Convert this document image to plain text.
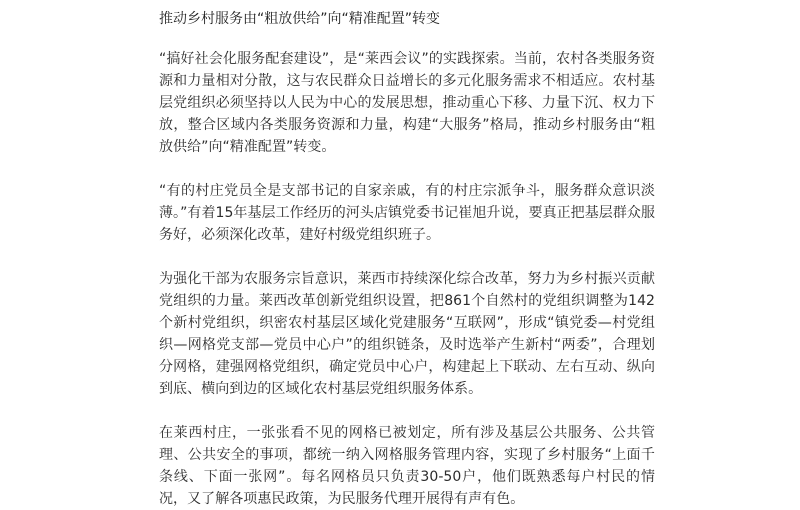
推动乡村服务由“粗放供给”向“精准配置”转变

“搞好社会化服务配套建设”，是“莱西会议”的实践探索。当前，农村各类服务资源和力量相对分散，这与农民群众日益增长的多元化服务需求不相适应。农村基层党组织必须坚持以人民为中心的发展思想，推动重心下移、力量下沉、权力下放，整合区域内各类服务资源和力量，构建“大服务”格局，推动乡村服务由“粗放供给”向“精准配置”转变。

“有的村庄党员全是支部书记的自家亲戚，有的村庄宗派争斗，服务群众意识淡薄。”有着15年基层工作经历的河头店镇党委书记崔旭升说，要真正把基层群众服务好，必须深化改革，建好村级党组织班子。

为强化干部为农服务宗旨意识，莱西市持续深化综合改革，努力为乡村振兴贡献党组织的力量。莱西改革创新党组织设置，把861个自然村的党组织调整为142个新村党组织，织密农村基层区域化党建服务“互联网”，形成“镇党委—村党组织—网格党支部—党员中心户”的组织链条，及时选举产生新村“两委”，合理划分网格，建强网格党组织，确定党员中心户，构建起上下联动、左右互动、纵向到底、横向到边的区域化农村基层党组织服务体系。

在莱西村庄，一张张看不见的网格已被划定，所有涉及基层公共服务、公共管理、公共安全的事项，都统一纳入网格服务管理内容，实现了乡村服务“上面千条线、下面一张网”。每名网格员只负责30-50户，他们既熟悉每户村民的情况，又了解各项惠民政策，为民服务代理开展得有声有色。
